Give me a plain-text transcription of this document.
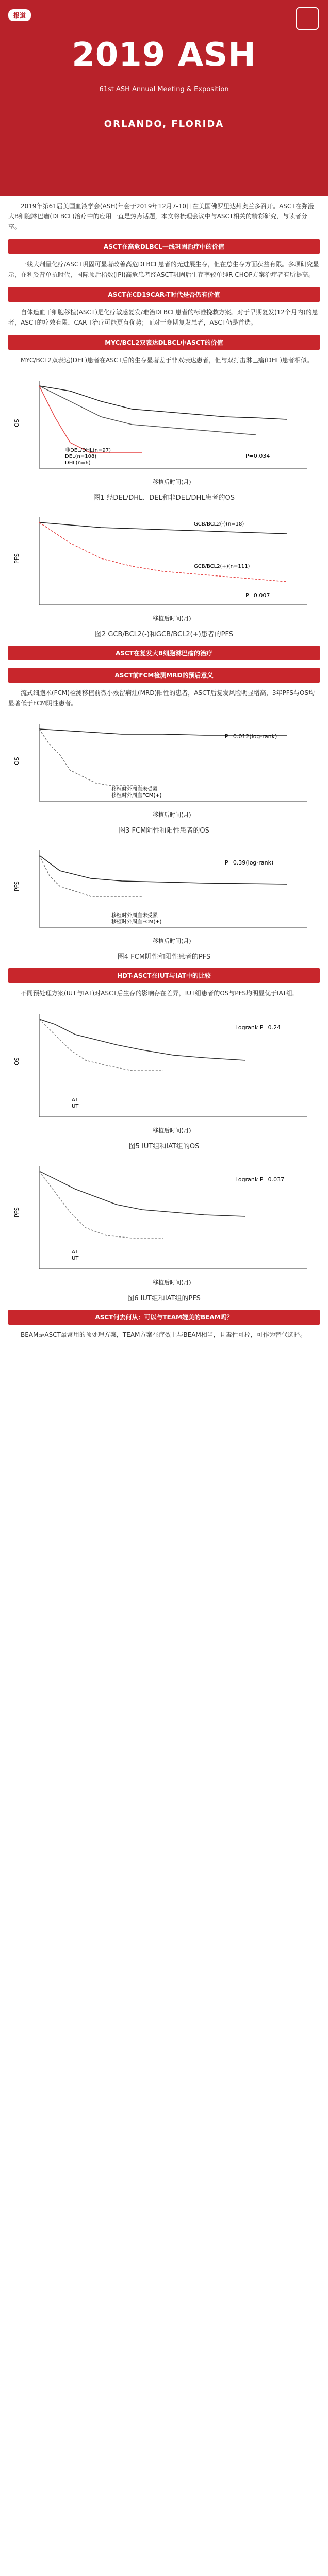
报道
2019 ASH
61st ASH Annual Meeting & Exposition
ORLANDO, FLORIDA

2019年第61届美国血液学会(ASH)年会于2019年12月7-10日在美国佛罗里达州奥兰多召开。ASCT在弥漫大B细胞淋巴瘤(DLBCL)治疗中的应用一直是热点话题，本文将梳理会议中与ASCT相关的精彩研究，与读者分享。

ASCT在高危DLBCL一线巩固治疗中的价值

一线大剂量化疗/ASCT巩固可显著改善高危DLBCL患者的无进展生存，但在总生存方面获益有限。多项研究显示，在利妥昔单抗时代，国际预后指数(IPI)高危患者经ASCT巩固后生存率较单纯R-CHOP方案治疗者有所提高。

ASCT在CD19CAR-T时代是否仍有价值

自体造血干细胞移植(ASCT)是化疗敏感复发/难治DLBCL患者的标准挽救方案。对于早期复发(12个月内)的患者，ASCT的疗效有限，CAR-T治疗可能更有优势；而对于晚期复发患者，ASCT仍是首选。

MYC/BCL2双表达DLBCL中ASCT的价值

MYC/BCL2双表达(DEL)患者在ASCT后的生存显著差于非双表达患者，但与双打击淋巴瘤(DHL)患者相似。

OS
移植后时间(月)
P=0.034
非DEL/DHL(n=97)
DEL(n=108)
DHL(n=6)
图1 经DEL/DHL、DEL和非DEL/DHL患者的OS
PFS
移植后时间(月)
P=0.007
GCB/BCL2(-)(n=18)
GCB/BCL2(+)(n=111)
图2 GCB/BCL2(-)和GCB/BCL2(+)患者的PFS
ASCT在复发大B细胞淋巴瘤的治疗
ASCT前FCM检测MRD的预后意义

流式细胞术(FCM)检测移植前微小残留病灶(MRD)阳性的患者，ASCT后复发风险明显增高，3年PFS与OS均显著低于FCM阴性患者。

OS
移植后时间(月)
P=0.012(log-rank)
移植时外周血未受累
移植时外周血FCM(+)
图3 FCM阴性和阳性患者的OS
PFS
移植后时间(月)
P=0.39(log-rank)
移植时外周血未受累
移植时外周血FCM(+)
图4 FCM阴性和阳性患者的PFS
HDT-ASCT在IUT与IAT中的比较

不同预处理方案(IUT与IAT)对ASCT后生存的影响存在差异，IUT组患者的OS与PFS均明显优于IAT组。

OS
移植后时间(月)
Logrank P=0.24
IAT
IUT
图5 IUT组和IAT组的OS
PFS
移植后时间(月)
Logrank P=0.037
IAT
IUT
图6 IUT组和IAT组的PFS
ASCT何去何从：可以与TEAM媲美的BEAM吗？

BEAM是ASCT最常用的预处理方案，TEAM方案在疗效上与BEAM相当，且毒性可控，可作为替代选择。
